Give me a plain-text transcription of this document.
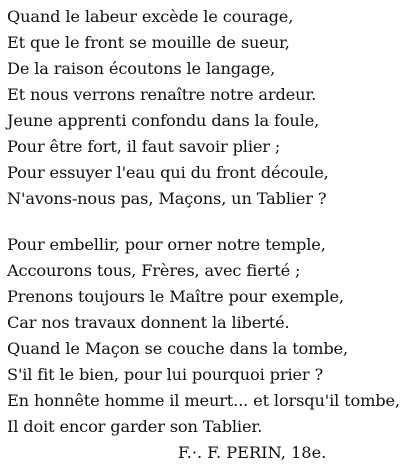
Quand le labeur excède le courage,
Et que le front se mouille de sueur,
De la raison écoutons le langage,
Et nous verrons renaître notre ardeur.
Jeune apprenti confondu dans la foule,
Pour être fort, il faut savoir plier ;
Pour essuyer l'eau qui du front découle,
N'avons-nous pas, Maçons, un Tablier ?
Pour embellir, pour orner notre temple,
Accourons tous, Frères, avec fierté ;
Prenons toujours le Maître pour exemple,
Car nos travaux donnent la liberté.
Quand le Maçon se couche dans la tombe,
S'il fit le bien, pour lui pourquoi prier ?
En honnête homme il meurt... et lorsqu'il tombe,
Il doit encor garder son Tablier.
F.·. F. PERIN, 18e.
